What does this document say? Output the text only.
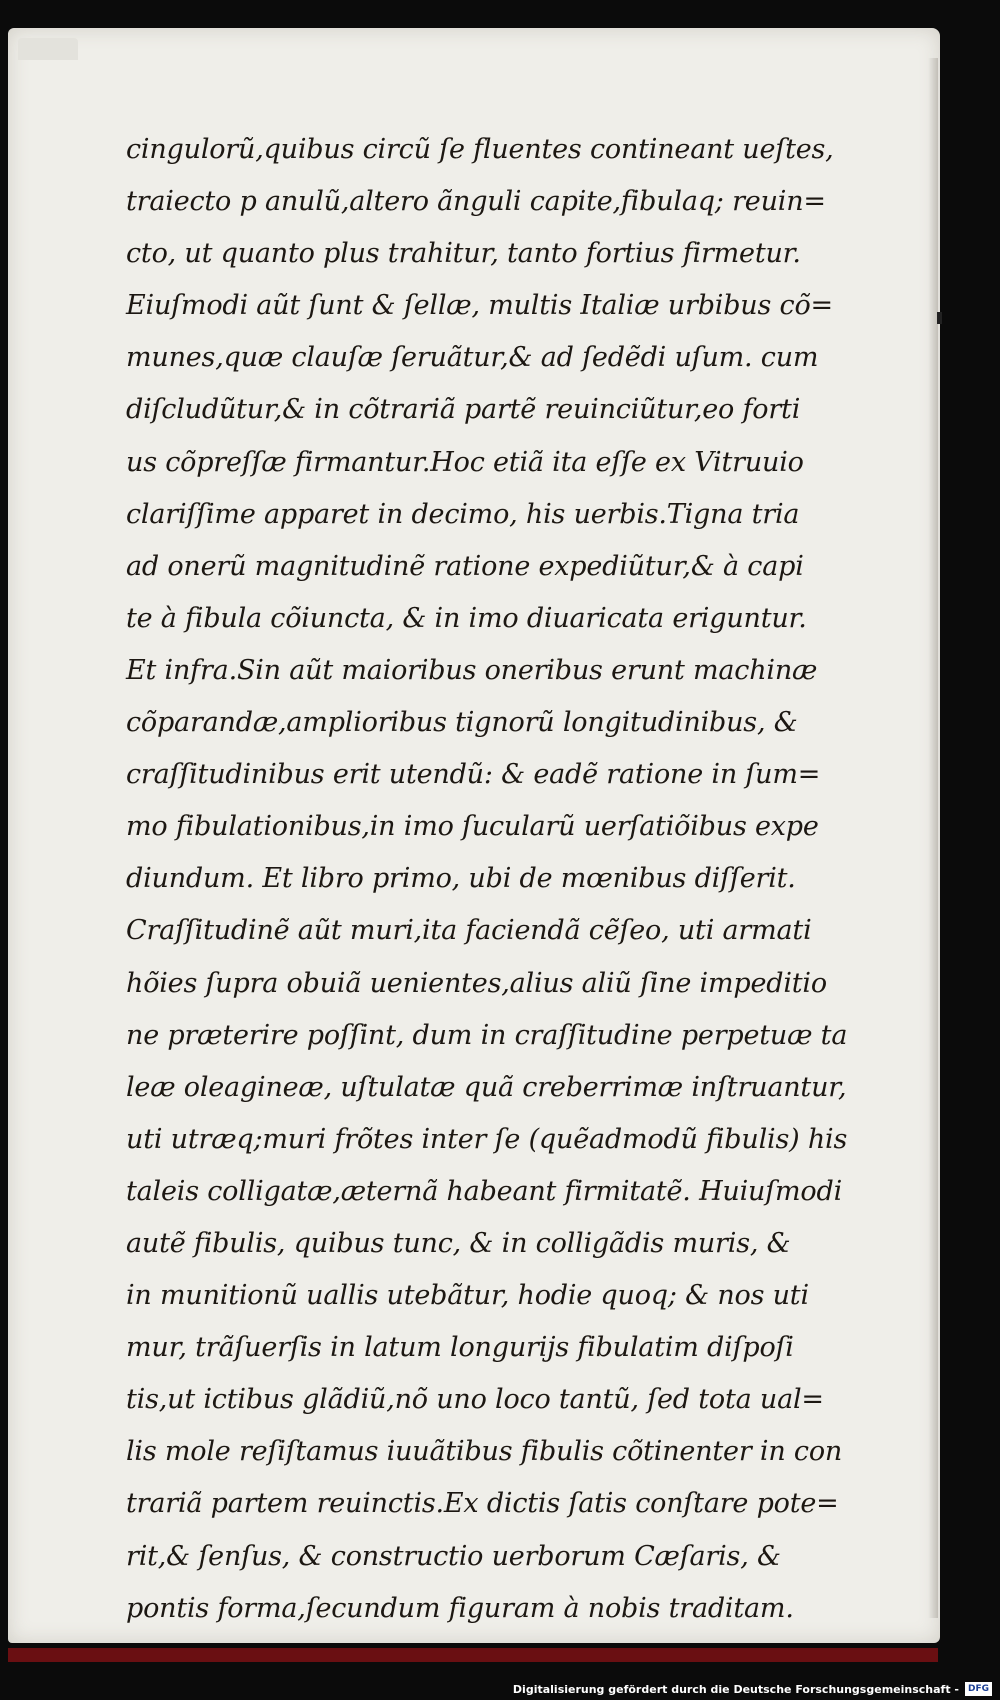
cingulorũ,quibus circũ ſe fluentes contineant ueſtes,
traiecto p anulũ,altero ãnguli capite,fibulaq; reuin=
cto, ut quanto plus trahitur, tanto fortius firmetur.
Eiuſmodi aũt ſunt & ſellæ, multis Italiæ urbibus cõ=
munes,quæ clauſæ ſeruãtur,& ad ſedẽdi uſum. cum
diſcludũtur,& in cõtrariã partẽ reuinciũtur,eo forti
us cõpreſſæ firmantur.Hoc etiã ita eſſe ex Vitruuio
clariſſime apparet in decimo, his uerbis.Tigna tria
ad onerũ magnitudinẽ ratione expediũtur,& à capi
te à fibula cõiuncta, & in imo diuaricata eriguntur.
Et infra.Sin aũt maioribus oneribus erunt machinæ
cõparandæ,amplioribus tignorũ longitudinibus, &
craſſitudinibus erit utendũ: & eadẽ ratione in ſum=
mo fibulationibus,in imo ſucularũ uerſatiõibus expe
diundum. Et libro primo, ubi de mœnibus diſſerit.
Craſſitudinẽ aũt muri,ita faciendã cẽſeo, uti armati
hõies ſupra obuiã uenientes,alius aliũ ſine impeditio
ne præterire poſſint, dum in craſſitudine perpetuæ ta
leæ oleagineæ, uſtulatæ quã creberrimæ inſtruantur,
uti utræq;muri frõtes inter ſe (quẽadmodũ fibulis) his
taleis colligatæ,æternã habeant firmitatẽ. Huiuſmodi
autẽ fibulis, quibus tunc, & in colligãdis muris, &
in munitionũ uallis utebãtur, hodie quoq; & nos uti
mur, trãſuerſis in latum longurijs fibulatim diſpoſi
tis,ut ictibus glãdiũ,nõ uno loco tantũ, ſed tota ual=
lis mole reſiſtamus iuuãtibus fibulis cõtinenter in con
trariã partem reuinctis.Ex dictis ſatis conſtare pote=
rit,& ſenſus, & constructio uerborum Cæſaris, &
pontis forma,ſecundum figuram à nobis traditam.
Digitalisierung gefördert durch die Deutsche Forschungsgemeinschaft -	DFG
